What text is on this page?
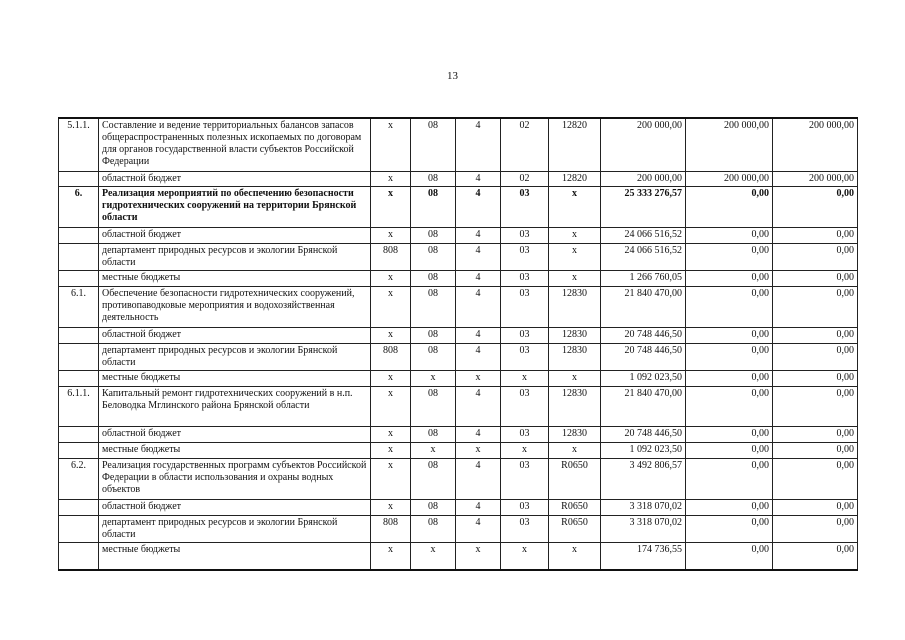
13
5.1.1.	Составление и ведение территориальных балансов запасов общераспространенных полезных ископаемых по договорам для органов государственной власти субъектов Российской Федерации	х	08	4	02	12820	200 000,00	200 000,00	200 000,00
	областной бюджет	х	08	4	02	12820	200 000,00	200 000,00	200 000,00
6.	Реализация мероприятий по обеспечению безопасности гидротехнических сооружений на территории Брянской области	х	08	4	03	х	25 333 276,57	0,00	0,00
	областной бюджет	х	08	4	03	х	24 066 516,52	0,00	0,00
	департамент природных ресурсов и экологии Брянской области	808	08	4	03	х	24 066 516,52	0,00	0,00
	местные бюджеты	х	08	4	03	х	1 266 760,05	0,00	0,00
6.1.	Обеспечение безопасности гидротехнических сооружений, противопаводковые мероприятия и водохозяйственная деятельность	х	08	4	03	12830	21 840 470,00	0,00	0,00
	областной бюджет	х	08	4	03	12830	20 748 446,50	0,00	0,00
	департамент природных ресурсов и экологии Брянской области	808	08	4	03	12830	20 748 446,50	0,00	0,00
	местные бюджеты	х	х	х	х	х	1 092 023,50	0,00	0,00
6.1.1.	Капитальный ремонт гидротехнических сооружений в н.п. Беловодка Мглинского района Брянской области	х	08	4	03	12830	21 840 470,00	0,00	0,00
	областной бюджет	х	08	4	03	12830	20 748 446,50	0,00	0,00
	местные бюджеты	х	х	х	х	х	1 092 023,50	0,00	0,00
6.2.	Реализация государственных программ субъектов Российской Федерации в области использования и охраны водных объектов	х	08	4	03	R0650	3 492 806,57	0,00	0,00
	областной бюджет	х	08	4	03	R0650	3 318 070,02	0,00	0,00
	департамент природных ресурсов и экологии Брянской области	808	08	4	03	R0650	3 318 070,02	0,00	0,00
	местные бюджеты	х	х	х	х	х	174 736,55	0,00	0,00
